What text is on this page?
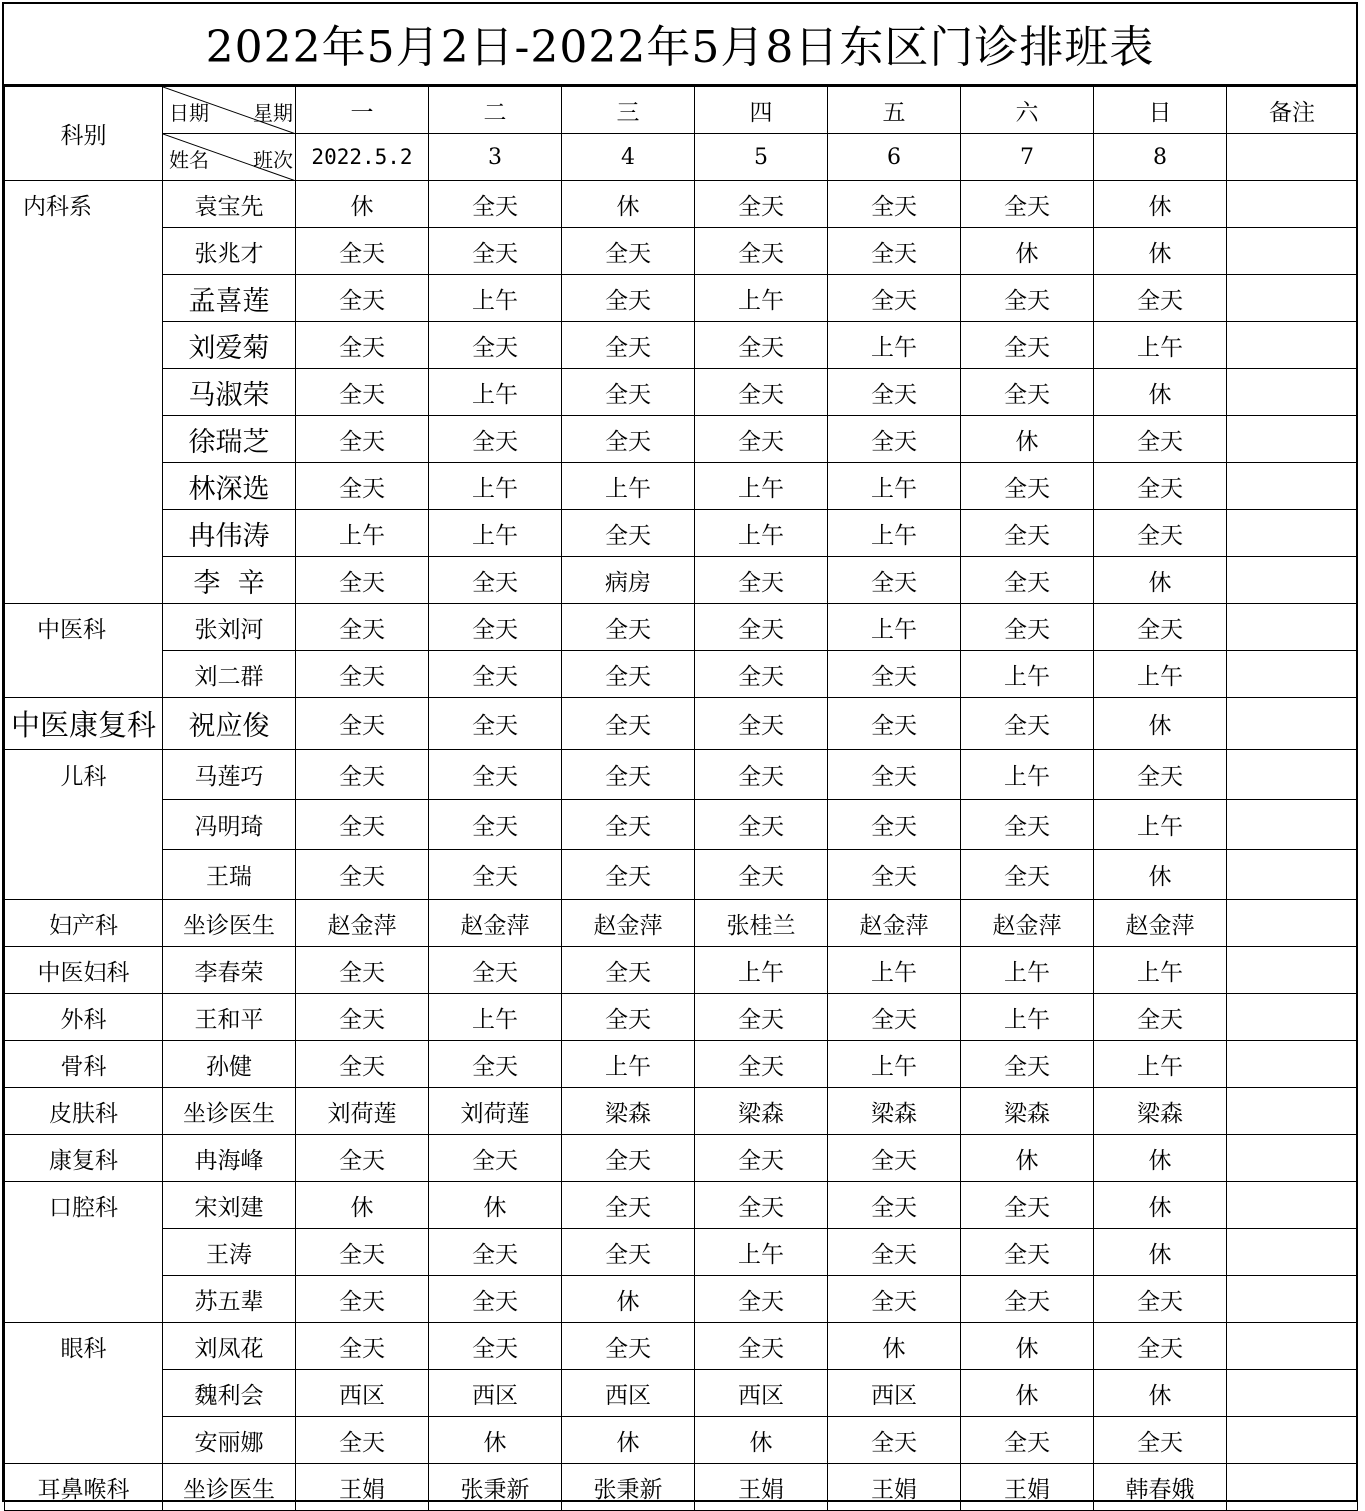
2022年5月2日-2022年5月8日东区门诊排班表
科别	日期 星期	一	二	三	四	五	六	日	备注

	姓名 班次	2022.5.2	3	4	5	6	7	8	
内科系	袁宝先	休	全天	休	全天	全天	全天	休	
	张兆才	全天	全天	全天	全天	全天	休	休	
	孟喜莲	全天	上午	全天	上午	全天	全天	全天	
	刘爱菊	全天	全天	全天	全天	上午	全天	上午	
	马淑荣	全天	上午	全天	全天	全天	全天	休	
	徐瑞芝	全天	全天	全天	全天	全天	休	全天	
	林深选	全天	上午	上午	上午	上午	全天	全天	
	冉伟涛	上午	上午	全天	上午	上午	全天	全天	
	李  辛	全天	全天	病房	全天	全天	全天	休	
中医科	张刘河	全天	全天	全天	全天	上午	全天	全天	
	刘二群	全天	全天	全天	全天	全天	上午	上午	
中医康复科	祝应俊	全天	全天	全天	全天	全天	全天	休	
儿科	马莲巧	全天	全天	全天	全天	全天	上午	全天	
	冯明琦	全天	全天	全天	全天	全天	全天	上午	
	王瑞	全天	全天	全天	全天	全天	全天	休	
妇产科	坐诊医生	赵金萍	赵金萍	赵金萍	张桂兰	赵金萍	赵金萍	赵金萍	
中医妇科	李春荣	全天	全天	全天	上午	上午	上午	上午	
外科	王和平	全天	上午	全天	全天	全天	上午	全天	
骨科	孙健	全天	全天	上午	全天	上午	全天	上午	
皮肤科	坐诊医生	刘荷莲	刘荷莲	梁森	梁森	梁森	梁森	梁森	
康复科	冉海峰	全天	全天	全天	全天	全天	休	休	
口腔科	宋刘建	休	休	全天	全天	全天	全天	休	
	王涛	全天	全天	全天	上午	全天	全天	休	
	苏五辈	全天	全天	休	全天	全天	全天	全天	
眼科	刘凤花	全天	全天	全天	全天	休	休	全天	
	魏利会	西区	西区	西区	西区	西区	休	休	
	安丽娜	全天	休	休	休	全天	全天	全天	
耳鼻喉科	坐诊医生	王娟	张秉新	张秉新	王娟	王娟	王娟	韩春娥	
